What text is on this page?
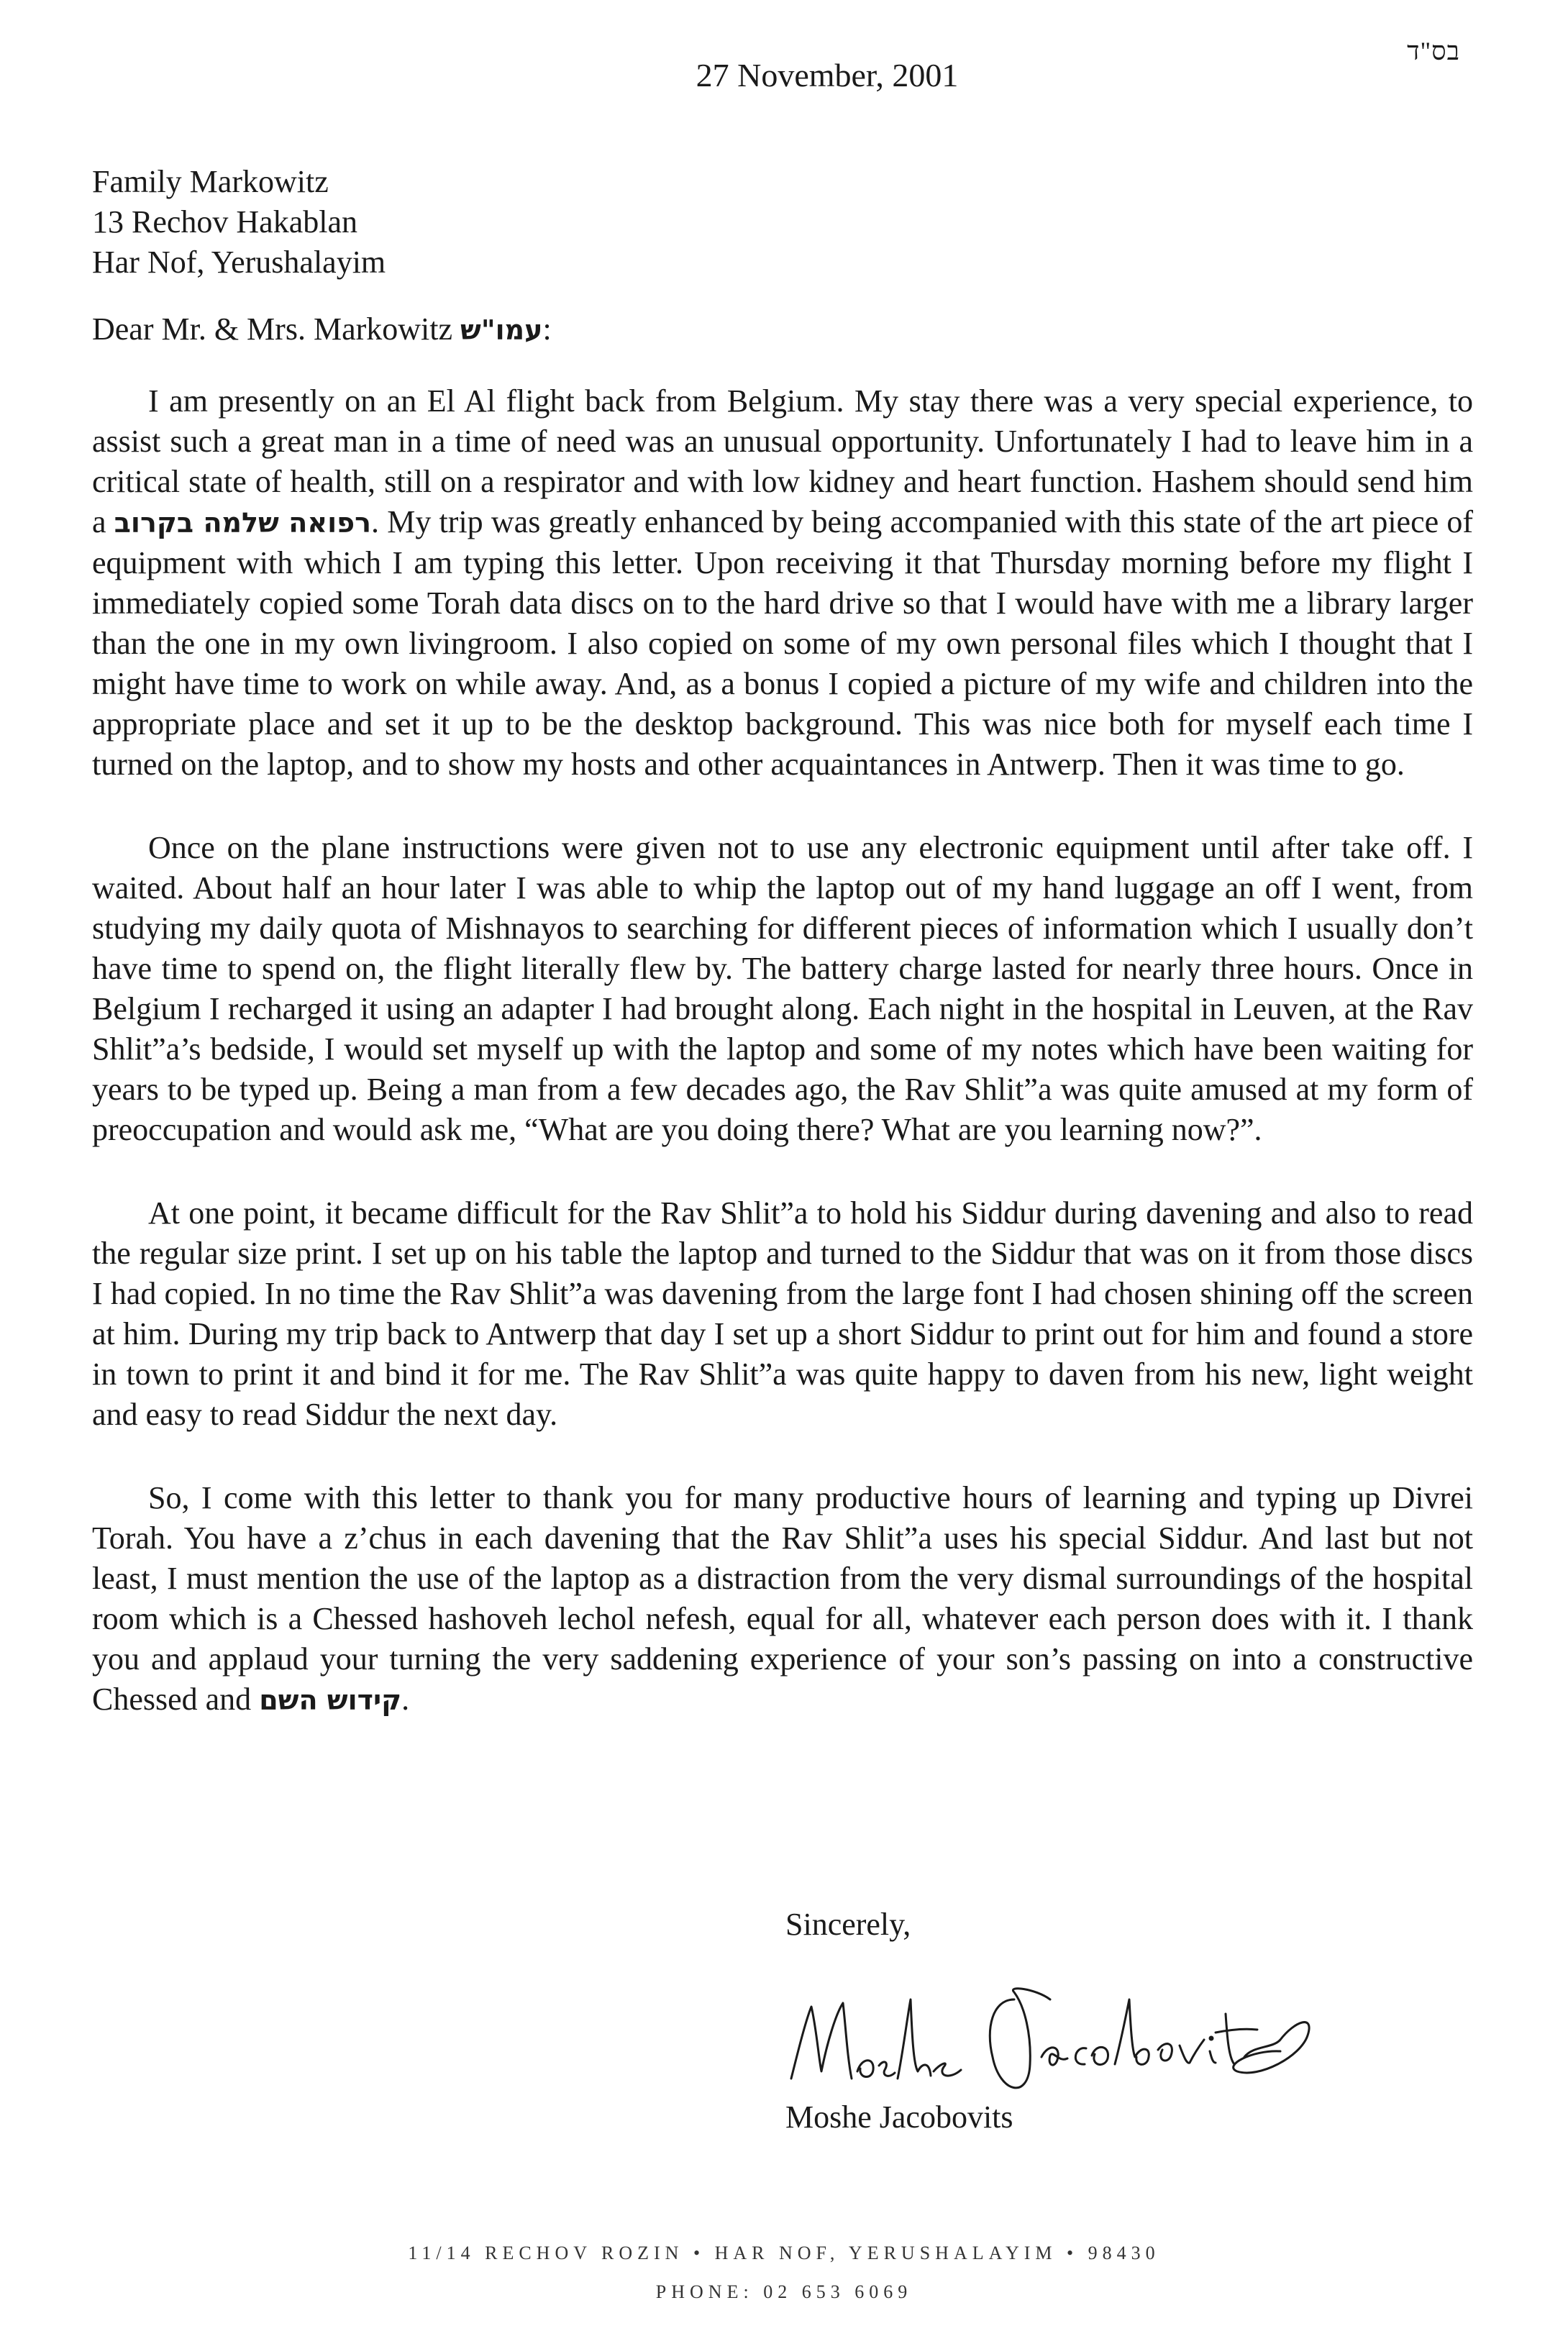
בס"ד
27 November, 2001
Family Markowitz
13 Rechov Hakablan
Har Nof, Yerushalayim
Dear Mr. & Mrs. Markowitz עמו"ש:

I am presently on an El Al flight back from Belgium. My stay there was a very special experience, to assist such a great man in a time of need was an unusual opportunity. Unfortunately I had to leave him in a critical state of health, still on a respirator and with low kidney and heart function. Hashem should send him a רפואה שלמה בקרוב. My trip was greatly enhanced by being accompanied with this state of the art piece of equipment with which I am typing this letter. Upon receiving it that Thursday morning before my flight I immediately copied some Torah data discs on to the hard drive so that I would have with me a library larger than the one in my own livingroom. I also copied on some of my own personal files which I thought that I might have time to work on while away. And, as a bonus I copied a picture of my wife and children into the appropriate place and set it up to be the desktop background. This was nice both for myself each time I turned on the laptop, and to show my hosts and other acquaintances in Antwerp. Then it was time to go.

Once on the plane instructions were given not to use any electronic equipment until after take off. I waited. About half an hour later I was able to whip the laptop out of my hand luggage an off I went, from studying my daily quota of Mishnayos to searching for different pieces of information which I usually don’t have time to spend on, the flight literally flew by. The battery charge lasted for nearly three hours. Once in Belgium I recharged it using an adapter I had brought along. Each night in the hospital in Leuven, at the Rav Shlit”a’s bedside, I would set myself up with the laptop and some of my notes which have been waiting for years to be typed up. Being a man from a few decades ago, the Rav Shlit”a was quite amused at my form of preoccupation and would ask me, “What are you doing there? What are you learning now?”.

At one point, it became difficult for the Rav Shlit”a to hold his Siddur during davening and also to read the regular size print. I set up on his table the laptop and turned to the Siddur that was on it from those discs I had copied. In no time the Rav Shlit”a was davening from the large font I had chosen shining off the screen at him. During my trip back to Antwerp that day I set up a short Siddur to print out for him and found a store in town to print it and bind it for me. The Rav Shlit”a was quite happy to daven from his new, light weight and easy to read Siddur the next day.

So, I come with this letter to thank you for many productive hours of learning and typing up Divrei Torah. You have a z’chus in each davening that the Rav Shlit”a uses his special Siddur. And last but not least, I must mention the use of the laptop as a distraction from the very dismal surroundings of the hospital room which is a Chessed hashoveh lechol nefesh, equal for all, whatever each person does with it. I thank you and applaud your turning the very saddening experience of your son’s passing on into a constructive Chessed and קידוש השם.

Sincerely,
Moshe Jacobovits
11/14 RECHOV ROZIN • HAR NOF, YERUSHALAYIM • 98430
PHONE: 02 653 6069
